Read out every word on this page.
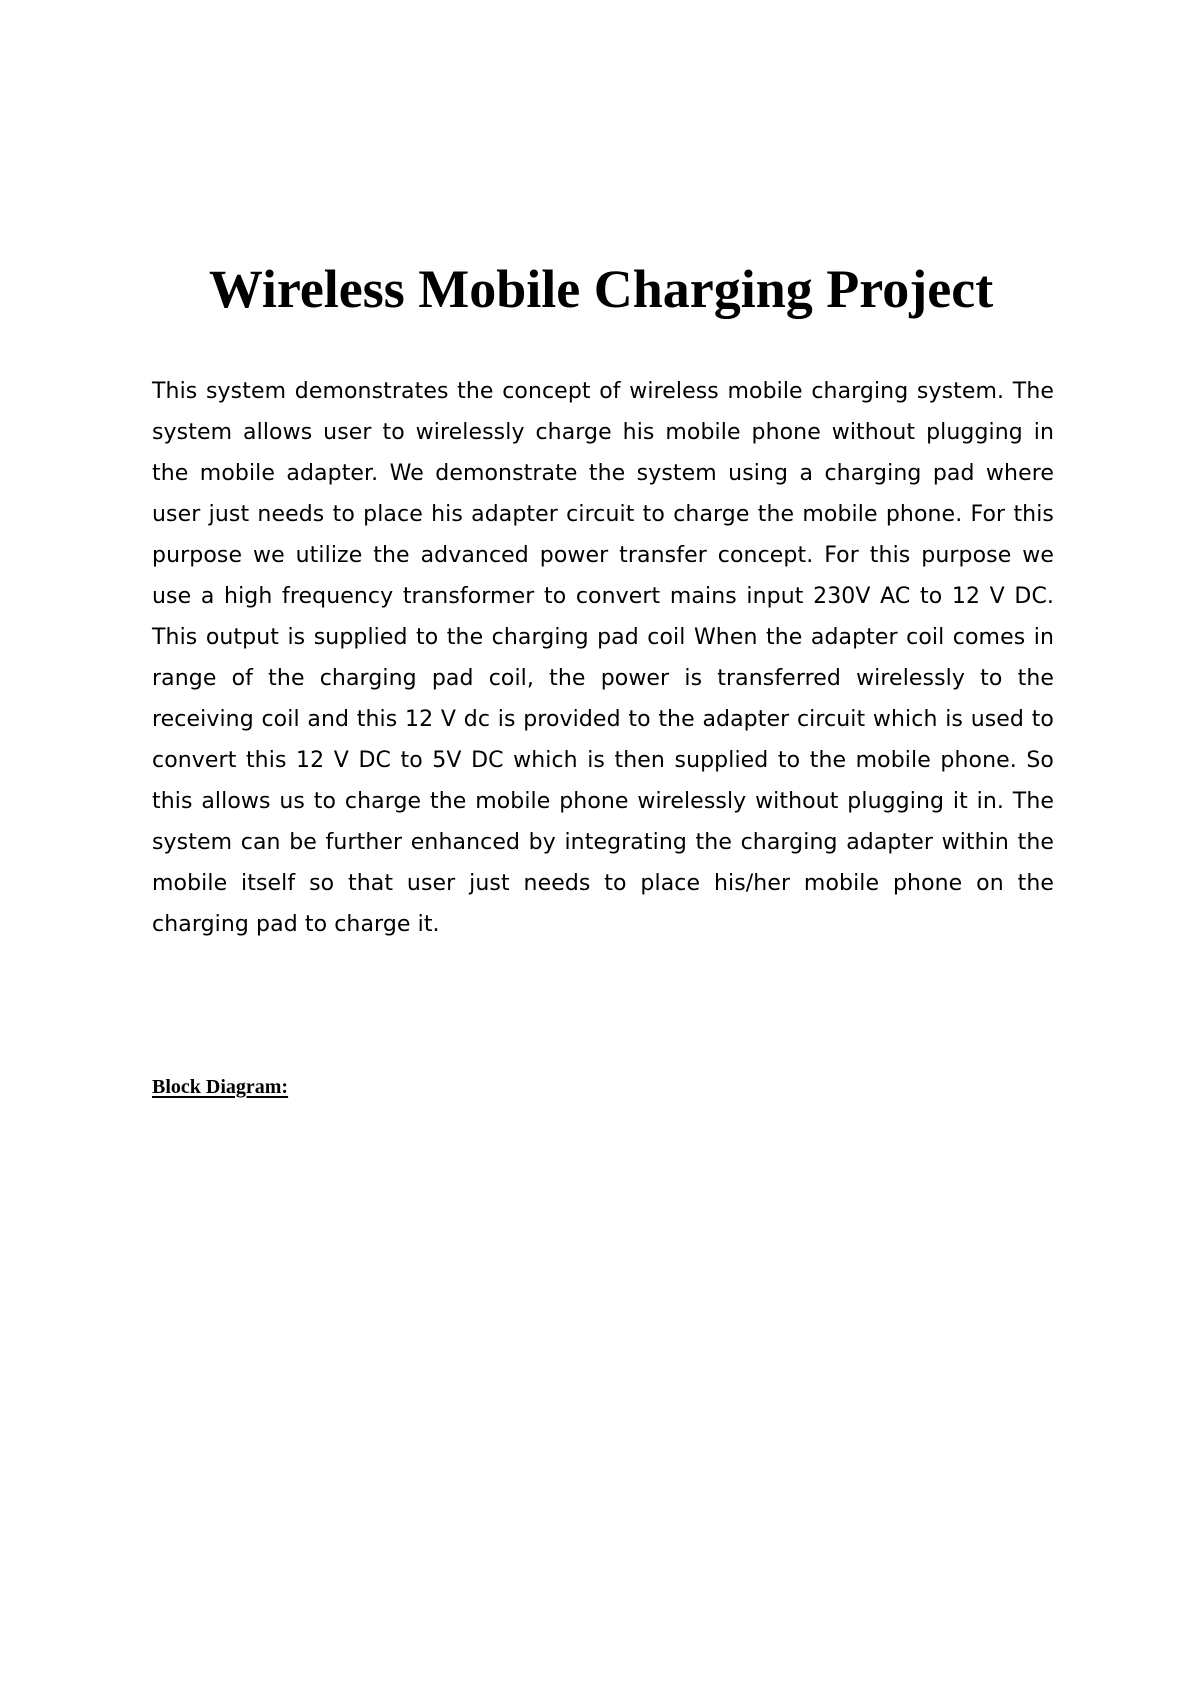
Wireless Mobile Charging Project

This system demonstrates the concept of wireless mobile charging system. The system allows user to wirelessly charge his mobile phone without plugging in the mobile adapter. We demonstrate the system using a charging pad where user just needs to place his adapter circuit to charge the mobile phone. For this purpose we utilize the advanced power transfer concept. For this purpose we use a high frequency transformer to convert mains input 230V AC to 12 V DC. This output is supplied to the charging pad coil When the adapter coil comes in range of the charging pad coil, the power is transferred wirelessly to the receiving coil and this 12 V dc is provided to the adapter circuit which is used to convert this 12 V DC to 5V DC which is then supplied to the mobile phone. So this allows us to charge the mobile phone wirelessly without plugging it in. The system can be further enhanced by integrating the charging adapter within the mobile itself so that user just needs to place his/her mobile phone on the charging pad to charge it.

Block Diagram:
